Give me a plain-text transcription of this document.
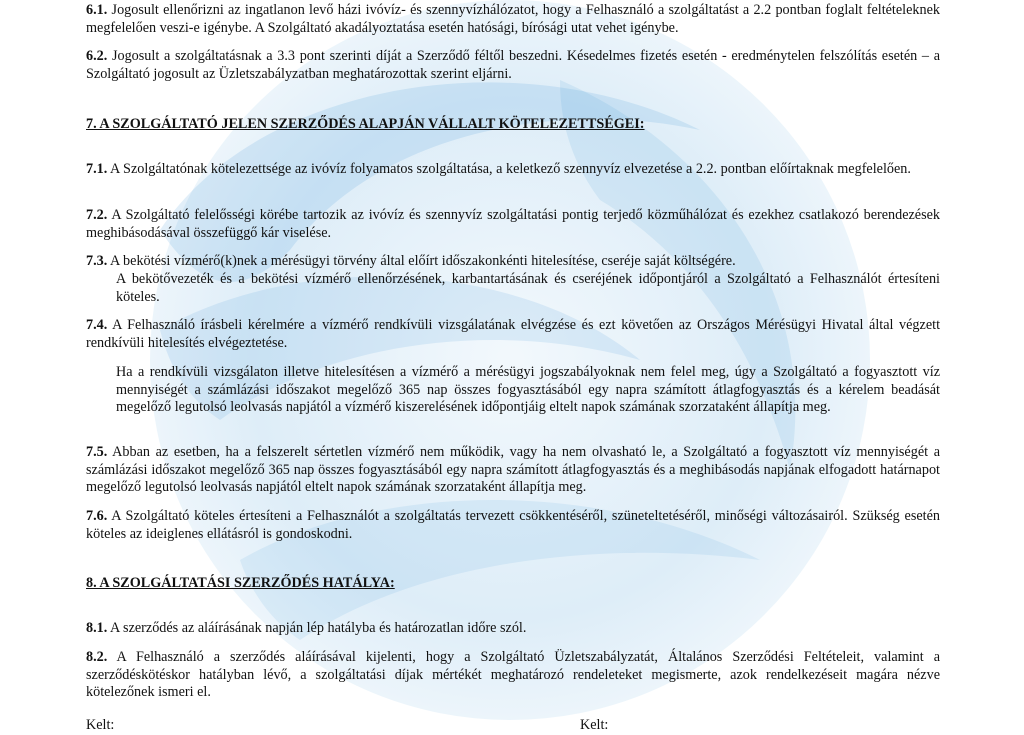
6.1. Jogosult ellenőrizni az ingatlanon levő házi ivóvíz- és szennyvízhálózatot, hogy a Felhasználó a szolgáltatást a 2.2 pontban foglalt feltételeknek megfelelően veszi-e igénybe. A Szolgáltató akadályoztatása esetén hatósági, bírósági utat vehet igénybe.

6.2. Jogosult a szolgáltatásnak a 3.3 pont szerinti díját a Szerződő féltől beszedni. Késedelmes fizetés esetén - eredménytelen felszólítás esetén – a Szolgáltató jogosult az Üzletszabályzatban meghatározottak szerint eljárni.

7. A SZOLGÁLTATÓ JELEN SZERZŐDÉS ALAPJÁN VÁLLALT KÖTELEZETTSÉGEI:

7.1. A Szolgáltatónak kötelezettsége az ivóvíz folyamatos szolgáltatása, a keletkező szennyvíz elvezetése a 2.2. pontban előírtaknak megfelelően.

7.2. A Szolgáltató felelősségi körébe tartozik az ivóvíz és szennyvíz szolgáltatási pontig terjedő közműhálózat és ezekhez csatlakozó berendezések meghibásodásával összefüggő kár viselése.

7.3. A bekötési vízmérő(k)nek a mérésügyi törvény által előírt időszakonkénti hitelesítése, cseréje saját költségére.

A bekötővezeték és a bekötési vízmérő ellenőrzésének, karbantartásának és cseréjének időpontjáról a Szolgáltató a Felhasználót értesíteni köteles.

7.4. A Felhasználó írásbeli kérelmére a vízmérő rendkívüli vizsgálatának elvégzése és ezt követően az Országos Mérésügyi Hivatal által végzett rendkívüli hitelesítés elvégeztetése.

Ha a rendkívüli vizsgálaton illetve hitelesítésen a vízmérő a mérésügyi jogszabályoknak nem felel meg, úgy a Szolgáltató a fogyasztott víz mennyiségét a számlázási időszakot megelőző 365 nap összes fogyasztásából egy napra számított átlagfogyasztás és a kérelem beadását megelőző legutolsó leolvasás napjától a vízmérő kiszerelésének időpontjáig eltelt napok számának szorzataként állapítja meg.

7.5. Abban az esetben, ha a felszerelt sértetlen vízmérő nem működik, vagy ha nem olvasható le, a Szolgáltató a fogyasztott víz mennyiségét a számlázási időszakot megelőző 365 nap összes fogyasztásából egy napra számított átlagfogyasztás és a meghibásodás napjának elfogadott határnapot megelőző legutolsó leolvasás napjától eltelt napok számának szorzataként állapítja meg.

7.6. A Szolgáltató köteles értesíteni a Felhasználót a szolgáltatás tervezett csökkentéséről, szüneteltetéséről, minőségi változásairól. Szükség esetén köteles az ideiglenes ellátásról is gondoskodni.

8. A SZOLGÁLTATÁSI SZERZŐDÉS HATÁLYA:

8.1. A szerződés az aláírásának napján lép hatályba és határozatlan időre szól.

8.2. A Felhasználó a szerződés aláírásával kijelenti, hogy a Szolgáltató Üzletszabályzatát, Általános Szerződési Feltételeit, valamint a szerződéskötéskor hatályban lévő, a szolgáltatási díjak mértékét meghatározó rendeleteket megismerte, azok rendelkezéseit magára nézve kötelezőnek ismeri el.

Kelt:	Kelt:
